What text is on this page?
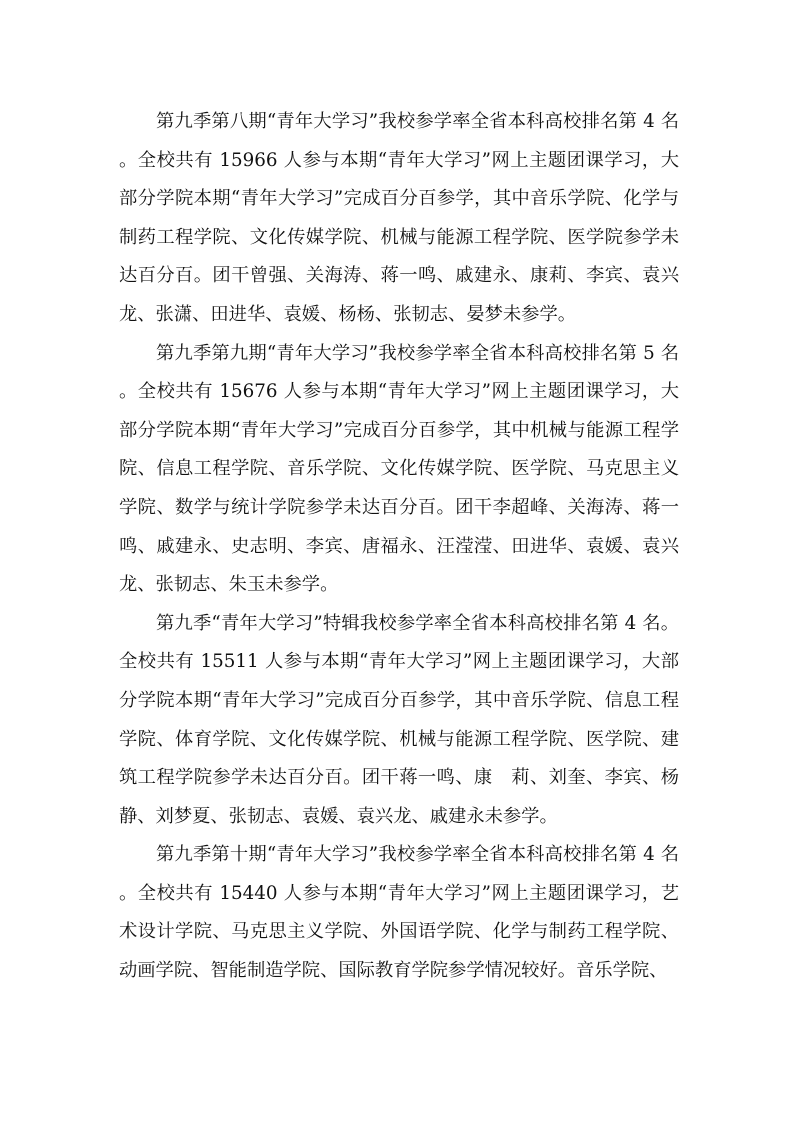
第九季第八期“青年大学习”我校参学率全省本科高校排名第 4 名。全校共有 15966 人参与本期“青年大学习”网上主题团课学习，大部分学院本期“青年大学习”完成百分百参学，其中音乐学院、化学与制药工程学院、文化传媒学院、机械与能源工程学院、医学院参学未达百分百。团干曾强、关海涛、蒋一鸣、戚建永、康莉、李宾、袁兴龙、张潇、田进华、袁媛、杨杨、张韧志、晏梦未参学。

第九季第九期“青年大学习”我校参学率全省本科高校排名第 5 名。全校共有 15676 人参与本期“青年大学习”网上主题团课学习，大部分学院本期“青年大学习”完成百分百参学，其中机械与能源工程学院、信息工程学院、音乐学院、文化传媒学院、医学院、马克思主义学院、数学与统计学院参学未达百分百。团干李超峰、关海涛、蒋一鸣、戚建永、史志明、李宾、唐福永、汪滢滢、田进华、袁媛、袁兴龙、张韧志、朱玉未参学。

第九季“青年大学习”特辑我校参学率全省本科高校排名第 4 名。全校共有 15511 人参与本期“青年大学习”网上主题团课学习，大部分学院本期“青年大学习”完成百分百参学，其中音乐学院、信息工程学院、体育学院、文化传媒学院、机械与能源工程学院、医学院、建筑工程学院参学未达百分百。团干蒋一鸣、康　莉、刘奎、李宾、杨静、刘梦夏、张韧志、袁媛、袁兴龙、戚建永未参学。

第九季第十期“青年大学习”我校参学率全省本科高校排名第 4 名。全校共有 15440 人参与本期“青年大学习”网上主题团课学习，艺术设计学院、马克思主义学院、外国语学院、化学与制药工程学院、动画学院、智能制造学院、国际教育学院参学情况较好。音乐学院、
